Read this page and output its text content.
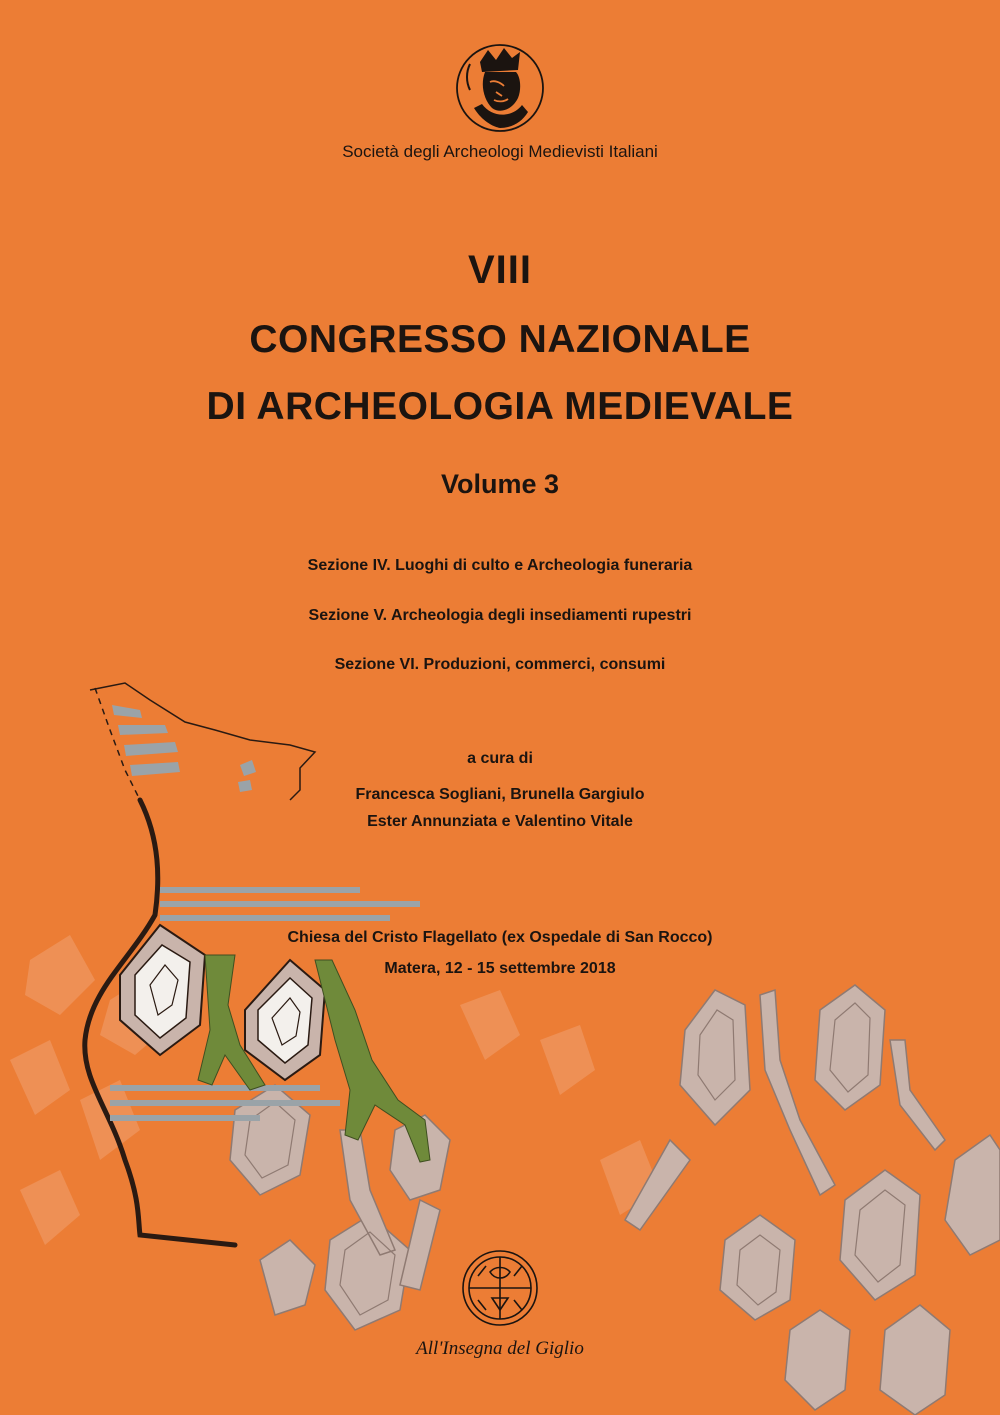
Società degli Archeologi Medievisti Italiani

VIII

CONGRESSO NAZIONALE

DI ARCHEOLOGIA MEDIEVALE

Volume 3

Sezione IV. Luoghi di culto e Archeologia funeraria

Sezione V. Archeologia degli insediamenti rupestri

Sezione VI. Produzioni, commerci, consumi

a cura di

Francesca Sogliani, Brunella Gargiulo

Ester Annunziata e Valentino Vitale

Chiesa del Cristo Flagellato (ex Ospedale di San Rocco)

Matera, 12 - 15 settembre 2018

All'Insegna del Giglio
